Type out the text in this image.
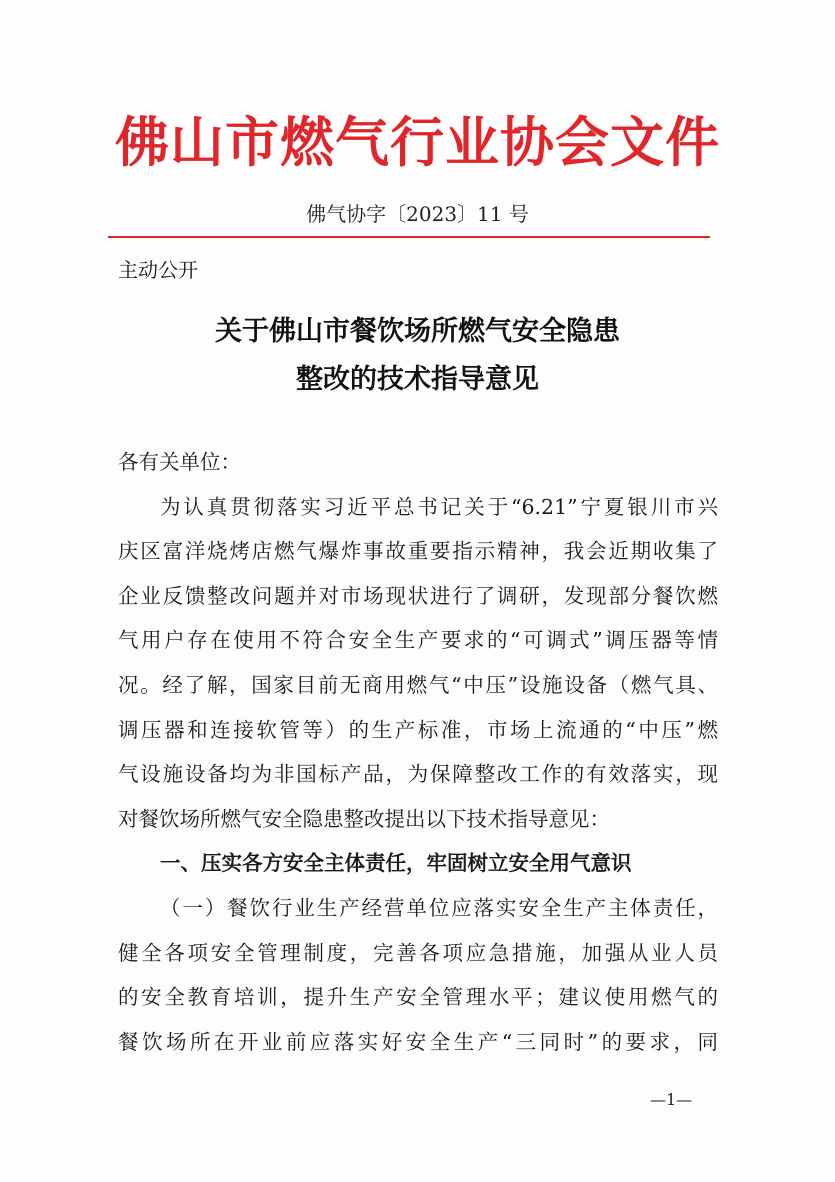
佛山市燃气行业协会文件
佛气协字〔2023〕11 号
主动公开
关于佛山市餐饮场所燃气安全隐患
整改的技术指导意见
各有关单位：
为认真贯彻落实习近平总书记关于“6.21”宁夏银川市兴
庆区富洋烧烤店燃气爆炸事故重要指示精神，我会近期收集了
企业反馈整改问题并对市场现状进行了调研，发现部分餐饮燃
气用户存在使用不符合安全生产要求的“可调式”调压器等情
况。经了解，国家目前无商用燃气“中压”设施设备（燃气具、
调压器和连接软管等）的生产标准，市场上流通的“中压”燃
气设施设备均为非国标产品，为保障整改工作的有效落实，现
对餐饮场所燃气安全隐患整改提出以下技术指导意见：
一、压实各方安全主体责任，牢固树立安全用气意识
（一）餐饮行业生产经营单位应落实安全生产主体责任，
健全各项安全管理制度，完善各项应急措施，加强从业人员
的安全教育培训，提升生产安全管理水平；建议使用燃气的
餐饮场所在开业前应落实好安全生产“三同时”的要求，同
—1—
